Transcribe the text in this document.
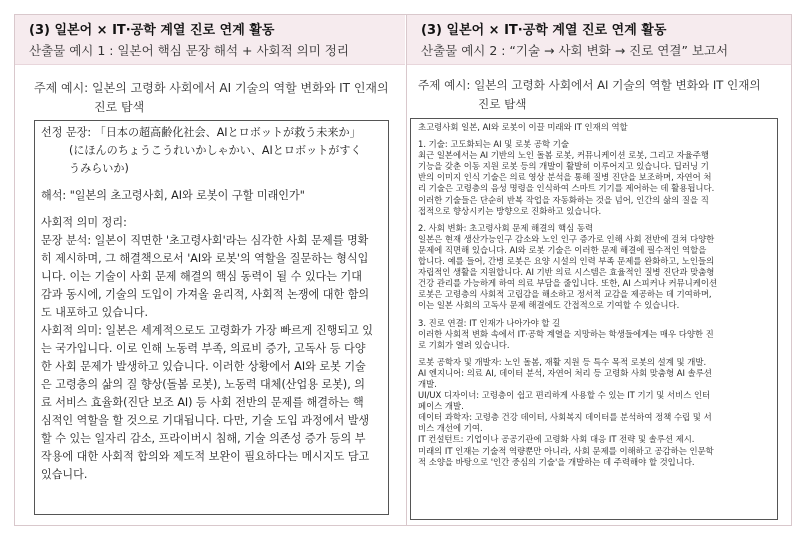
(3) 일본어 × IT·공학 계열 진로 연계 활동
산출물 예시 1 : 일본어 핵심 문장 해석 + 사회적 의미 정리
주제 예시: 일본의 고령화 사회에서 AI 기술의 역할 변화와 IT 인재의
진로 탐색

선정 문장: 「日本の超高齢化社会、AIとロボットが救う未来か」

(にほんのちょうこうれいかしゃかい、AIとロボットがすく

うみらいか)

해석: "일본의 초고령사회, AI와 로봇이 구할 미래인가"

사회적 의미 정리:

문장 분석: 일본이 직면한 '초고령사회'라는 심각한 사회 문제를 명확

히 제시하며, 그 해결책으로서 'AI와 로봇'의 역할을 질문하는 형식입

니다. 이는 기술이 사회 문제 해결의 핵심 동력이 될 수 있다는 기대

감과 동시에, 기술의 도입이 가져올 윤리적, 사회적 논쟁에 대한 함의

도 내포하고 있습니다.

사회적 의미: 일본은 세계적으로도 고령화가 가장 빠르게 진행되고 있

는 국가입니다. 이로 인해 노동력 부족, 의료비 증가, 고독사 등 다양

한 사회 문제가 발생하고 있습니다. 이러한 상황에서 AI와 로봇 기술

은 고령층의 삶의 질 향상(돌봄 로봇), 노동력 대체(산업용 로봇), 의

료 서비스 효율화(진단 보조 AI) 등 사회 전반의 문제를 해결하는 핵

심적인 역할을 할 것으로 기대됩니다. 다만, 기술 도입 과정에서 발생

할 수 있는 일자리 감소, 프라이버시 침해, 기술 의존성 증가 등의 부

작용에 대한 사회적 합의와 제도적 보완이 필요하다는 메시지도 담고

있습니다.

(3) 일본어 × IT·공학 계열 진로 연계 활동
산출물 예시 2 : “기술 → 사회 변화 → 진로 연결” 보고서
주제 예시: 일본의 고령화 사회에서 AI 기술의 역할 변화와 IT 인재의
진로 탐색

초고령사회 일본, AI와 로봇이 이끌 미래와 IT 인재의 역할

1. 기술: 고도화되는 AI 및 로봇 공학 기술

최근 일본에서는 AI 기반의 노인 돌봄 로봇, 커뮤니케이션 로봇, 그리고 자율주행

기능을 갖춘 이동 지원 로봇 등의 개발이 활발히 이루어지고 있습니다. 딥러닝 기

반의 이미지 인식 기술은 의료 영상 분석을 통해 질병 진단을 보조하며, 자연어 처

리 기술은 고령층의 음성 명령을 인식하여 스마트 기기를 제어하는 데 활용됩니다.

이러한 기술들은 단순히 반복 작업을 자동화하는 것을 넘어, 인간의 삶의 질을 직

접적으로 향상시키는 방향으로 진화하고 있습니다.

2. 사회 변화: 초고령사회 문제 해결의 핵심 동력

일본은 현재 생산가능인구 감소와 노인 인구 증가로 인해 사회 전반에 걸쳐 다양한

문제에 직면해 있습니다. AI와 로봇 기술은 이러한 문제 해결에 필수적인 역할을

합니다. 예를 들어, 간병 로봇은 요양 시설의 인력 부족 문제를 완화하고, 노인들의

자립적인 생활을 지원합니다. AI 기반 의료 시스템은 효율적인 질병 진단과 맞춤형

건강 관리를 가능하게 하여 의료 부담을 줄입니다. 또한, AI 스피커나 커뮤니케이션

로봇은 고령층의 사회적 고립감을 해소하고 정서적 교감을 제공하는 데 기여하며,

이는 일본 사회의 고독사 문제 해결에도 간접적으로 기여할 수 있습니다.

3. 진로 연결: IT 인재가 나아가야 할 길

이러한 사회적 변화 속에서 IT·공학 계열을 지망하는 학생들에게는 매우 다양한 진

로 기회가 열려 있습니다.

로봇 공학자 및 개발자: 노인 돌봄, 재활 지원 등 특수 목적 로봇의 설계 및 개발.

AI 엔지니어: 의료 AI, 데이터 분석, 자연어 처리 등 고령화 사회 맞춤형 AI 솔루션

개발.

UI/UX 디자이너: 고령층이 쉽고 편리하게 사용할 수 있는 IT 기기 및 서비스 인터

페이스 개발.

데이터 과학자: 고령층 건강 데이터, 사회복지 데이터를 분석하여 정책 수립 및 서

비스 개선에 기여.

IT 컨설턴트: 기업이나 공공기관에 고령화 사회 대응 IT 전략 및 솔루션 제시.

미래의 IT 인재는 기술적 역량뿐만 아니라, 사회 문제를 이해하고 공감하는 인문학

적 소양을 바탕으로 '인간 중심의 기술'을 개발하는 데 주력해야 할 것입니다.
